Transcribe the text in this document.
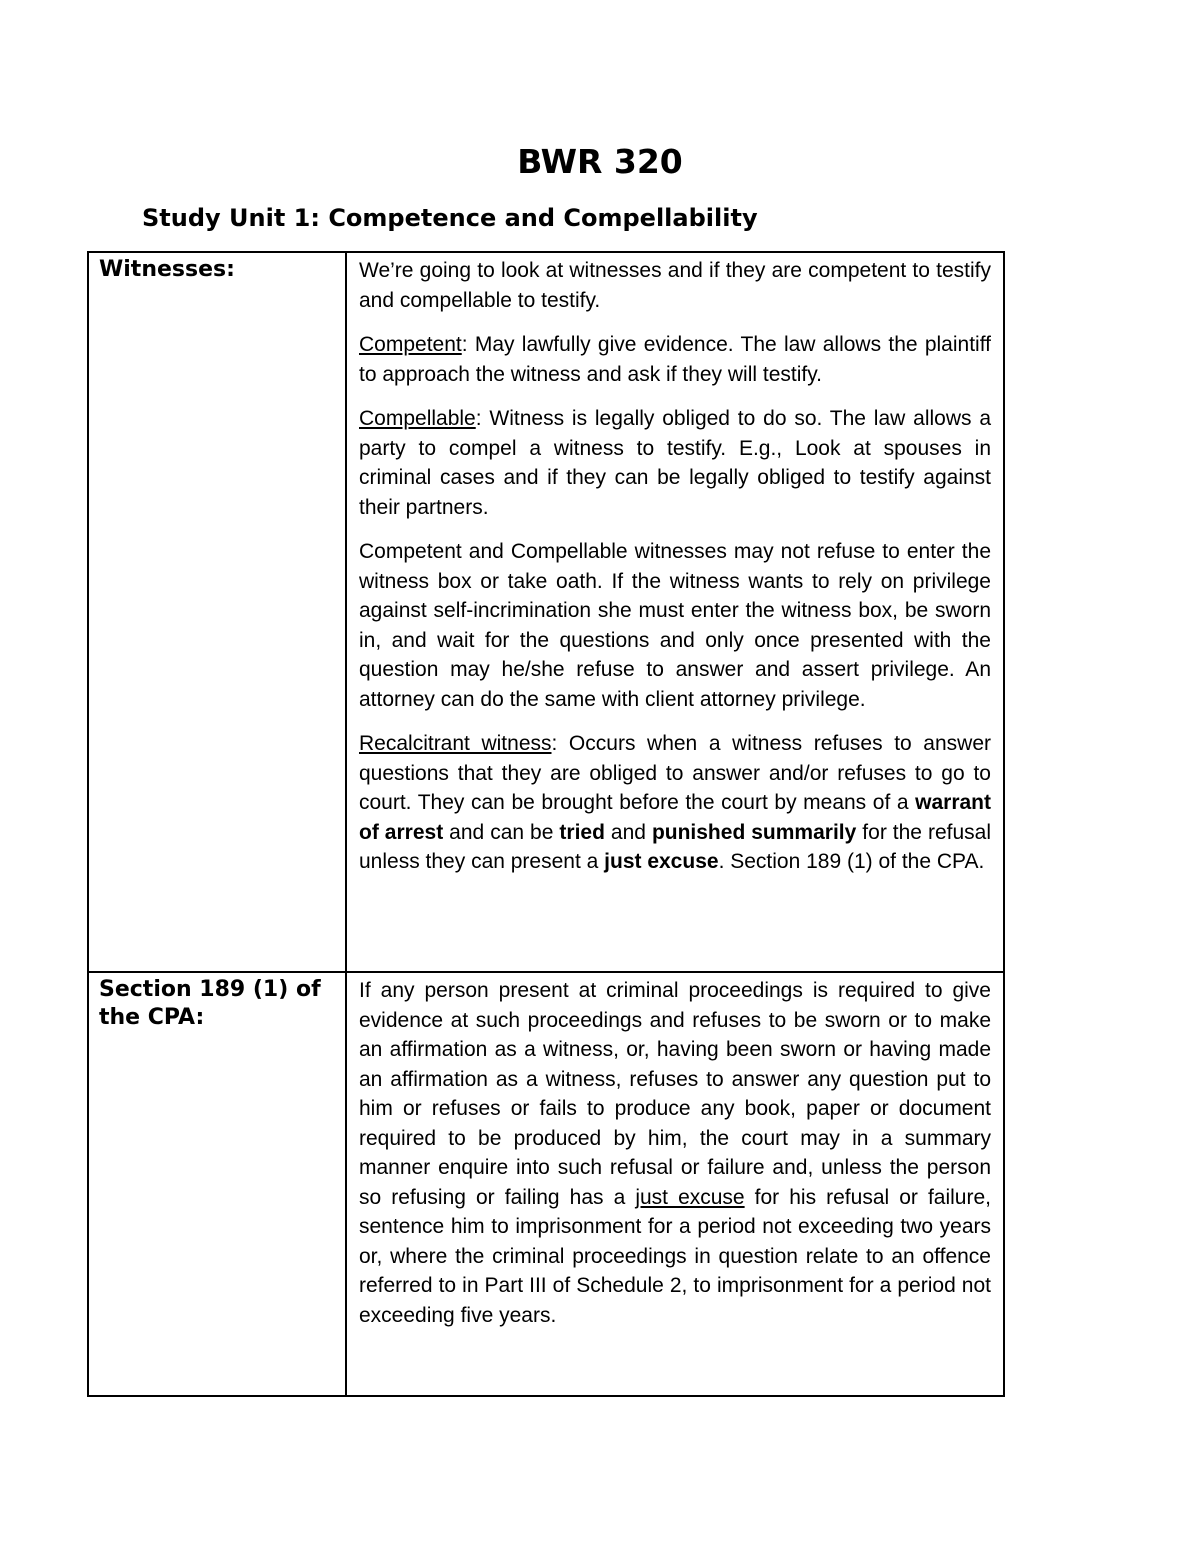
BWR 320
Study Unit 1: Competence and Compellability
Witnesses:	We’re going to look at witnesses and if they are competent to testify and compellable to testify.

Competent: May lawfully give evidence. The law allows the plaintiff to approach the witness and ask if they will testify.

Compellable: Witness is legally obliged to do so. The law allows a party to compel a witness to testify. E.g., Look at spouses in criminal cases and if they can be legally obliged to testify against their partners.

Competent and Compellable witnesses may not refuse to enter the witness box or take oath. If the witness wants to rely on privilege against self-incrimination she must enter the witness box, be sworn in, and wait for the questions and only once presented with the question may he/she refuse to answer and assert privilege. An attorney can do the same with client attorney privilege.

Recalcitrant witness: Occurs when a witness refuses to answer questions that they are obliged to answer and/or refuses to go to court. They can be brought before the court by means of a warrant of arrest and can be tried and punished summarily for the refusal unless they can present a just excuse. Section 189 (1) of the CPA.

Section 189 (1) of the CPA:	If any person present at criminal proceedings is required to give evidence at such proceedings and refuses to be sworn or to make an affirmation as a witness, or, having been sworn or having made an affirmation as a witness, refuses to answer any question put to him or refuses or fails to produce any book, paper or document required to be produced by him, the court may in a summary manner enquire into such refusal or failure and, unless the person so refusing or failing has a just excuse for his refusal or failure, sentence him to imprisonment for a period not exceeding two years or, where the criminal proceedings in question relate to an offence referred to in Part III of Schedule 2, to imprisonment for a period not exceeding five years.
